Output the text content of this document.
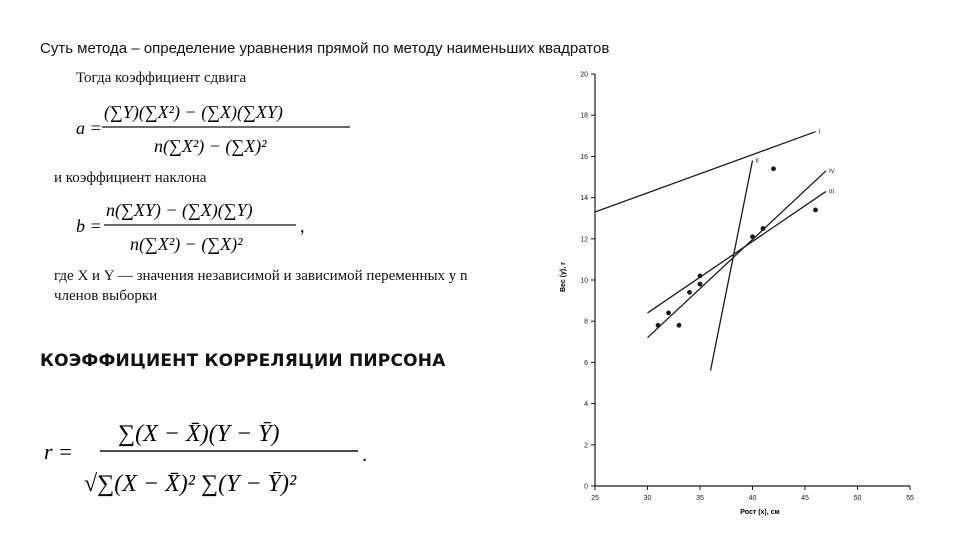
Суть метода – определение уравнения прямой по методу наименьших квадратов
Тогда коэффициент сдвига
a =
(∑Y)(∑X²) − (∑X)(∑XY)
n(∑X²) − (∑X)²
и коэффициент наклона
b =
n(∑XY) − (∑X)(∑Y)
n(∑X²) − (∑X)²
,
где X и Y — значения независимой и зависимой переменных у n
членов выборки
КОЭФФИЦИЕНТ КОРРЕЛЯЦИИ ПИРСОНА
r =
∑(X − X̄)(Y − Ȳ)
√∑(X − X̄)² ∑(Y − Ȳ)²
.
25	30	35	40	45	50	55
0
2
4
6
8
10
12
14
16
18
20
I
II
IV
III
Рост (x), см
Вес (y), г
